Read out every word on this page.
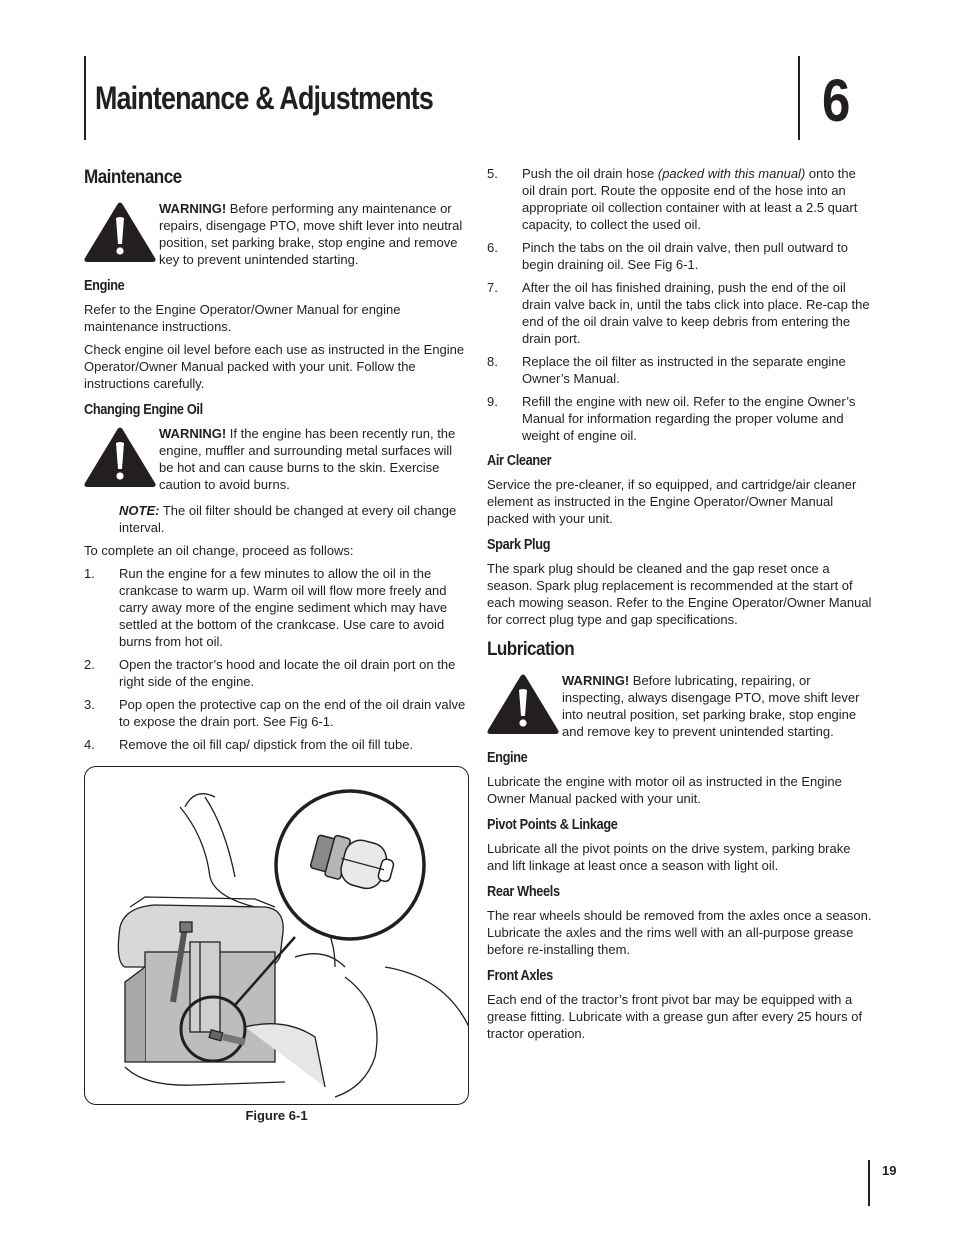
Maintenance & Adjustments	6
Maintenance
WARNING! Before performing any maintenance or repairs, disengage PTO, move shift lever into neutral position, set parking brake, stop engine and remove key to prevent unintended starting.
Engine

Refer to the Engine Operator/Owner Manual for engine maintenance instructions.

Check engine oil level before each use as instructed in the Engine Operator/Owner Manual packed with your unit. Follow the instructions carefully.

Changing Engine Oil
WARNING! If the engine has been recently run, the engine, muffler and surrounding metal surfaces will be hot and can cause burns to the skin. Exercise caution to avoid burns.

NOTE: The oil filter should be changed at every oil change interval.

To complete an oil change, proceed as follows:

1.	Run the engine for a few minutes to allow the oil in the crankcase to warm up. Warm oil will flow more freely and carry away more of the engine sediment which may have settled at the bottom of the crankcase. Use care to avoid burns from hot oil.
2.	Open the tractor’s hood and locate the oil drain port on the right side of the engine.
3.	Pop open the protective cap on the end of the oil drain valve to expose the drain port. See Fig 6-1.
4.	Remove the oil fill cap/ dipstick from the oil fill tube.
Figure 6-1
5.	Push the oil drain hose (packed with this manual) onto the oil drain port. Route the opposite end of the hose into an appropriate oil collection container with at least a 2.5 quart capacity, to collect the used oil.
6.	Pinch the tabs on the oil drain valve, then pull outward to begin draining oil. See Fig 6-1.
7.	After the oil has finished draining, push the end of the oil drain valve back in, until the tabs click into place. Re-cap the end of the oil drain valve to keep debris from entering the drain port.
8.	Replace the oil filter as instructed in the separate engine Owner’s Manual.
9.	Refill the engine with new oil. Refer to the engine Owner’s Manual for information regarding the proper volume and weight of engine oil.
Air Cleaner

Service the pre-cleaner, if so equipped, and cartridge/air cleaner element as instructed in the Engine Operator/Owner Manual packed with your unit.

Spark Plug

The spark plug should be cleaned and the gap reset once a season. Spark plug replacement is recommended at the start of each mowing season. Refer to the Engine Operator/Owner Manual for correct plug type and gap specifications.

Lubrication
WARNING! Before lubricating, repairing, or inspecting, always disengage PTO, move shift lever into neutral position, set parking brake, stop engine and remove key to prevent unintended starting.
Engine

Lubricate the engine with motor oil as instructed in the Engine Owner Manual packed with your unit.

Pivot Points & Linkage

Lubricate all the pivot points on the drive system, parking brake and lift linkage at least once a season with light oil.

Rear Wheels

The rear wheels should be removed from the axles once a season. Lubricate the axles and the rims well with an all-purpose grease before re-installing them.

Front Axles

Each end of the tractor’s front pivot bar may be equipped with a grease fitting. Lubricate with a grease gun after every 25 hours of tractor operation.

19
